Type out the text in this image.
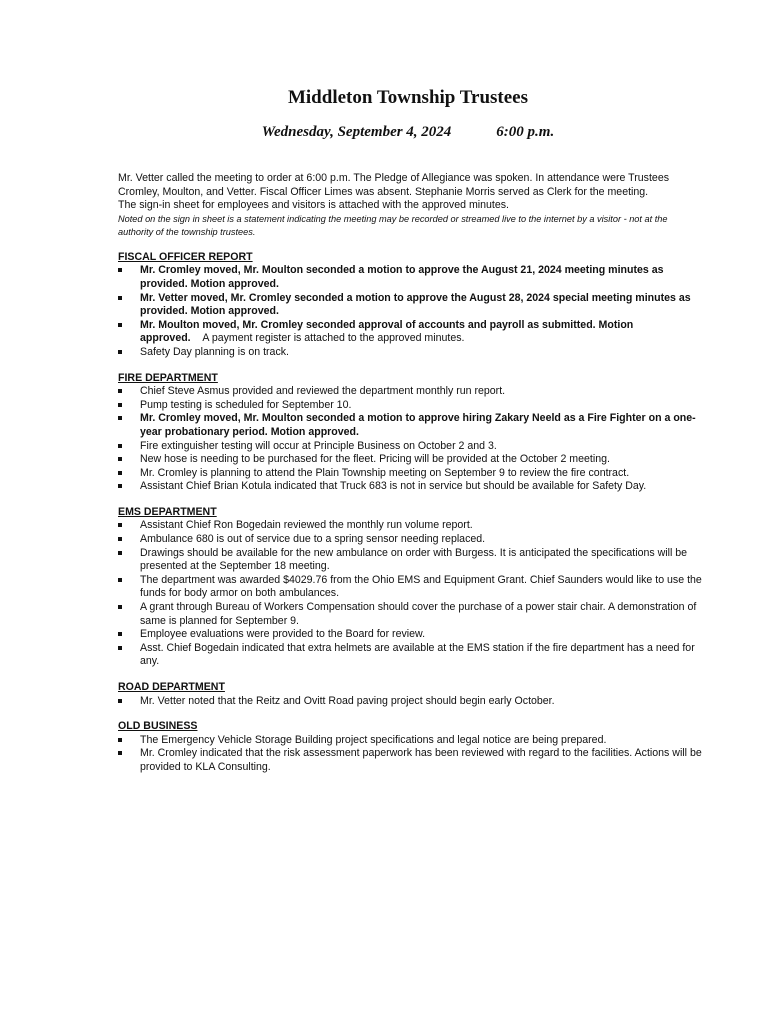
Middleton Township Trustees
Wednesday, September 4, 2024            6:00 p.m.

Mr. Vetter called the meeting to order at 6:00 p.m. The Pledge of Allegiance was spoken. In attendance were Trustees Cromley, Moulton, and Vetter. Fiscal Officer Limes was absent. Stephanie Morris served as Clerk for the meeting.

The sign-in sheet for employees and visitors is attached with the approved minutes.

Noted on the sign in sheet is a statement indicating the meeting may be recorded or streamed live to the internet by a visitor - not at the authority of the township trustees.

FISCAL OFFICER REPORT

Mr. Cromley moved, Mr. Moulton seconded a motion to approve the August 21, 2024 meeting minutes as provided. Motion approved.
Mr. Vetter moved, Mr. Cromley seconded a motion to approve the August 28, 2024 special meeting minutes as provided. Motion approved.
Mr. Moulton moved, Mr. Cromley seconded approval of accounts and payroll as submitted. Motion approved. A payment register is attached to the approved minutes.
Safety Day planning is on track.

FIRE DEPARTMENT

Chief Steve Asmus provided and reviewed the department monthly run report.
Pump testing is scheduled for September 10.
Mr. Cromley moved, Mr. Moulton seconded a motion to approve hiring Zakary Neeld as a Fire Fighter on a one-year probationary period. Motion approved.
Fire extinguisher testing will occur at Principle Business on October 2 and 3.
New hose is needing to be purchased for the fleet. Pricing will be provided at the October 2 meeting.
Mr. Cromley is planning to attend the Plain Township meeting on September 9 to review the fire contract.
Assistant Chief Brian Kotula indicated that Truck 683 is not in service but should be available for Safety Day.

EMS DEPARTMENT

Assistant Chief Ron Bogedain reviewed the monthly run volume report.
Ambulance 680 is out of service due to a spring sensor needing replaced.
Drawings should be available for the new ambulance on order with Burgess. It is anticipated the specifications will be presented at the September 18 meeting.
The department was awarded $4029.76 from the Ohio EMS and Equipment Grant. Chief Saunders would like to use the funds for body armor on both ambulances.
A grant through Bureau of Workers Compensation should cover the purchase of a power stair chair. A demonstration of same is planned for September 9.
Employee evaluations were provided to the Board for review.
Asst. Chief Bogedain indicated that extra helmets are available at the EMS station if the fire department has a need for any.

ROAD DEPARTMENT

Mr. Vetter noted that the Reitz and Ovitt Road paving project should begin early October.

OLD BUSINESS

The Emergency Vehicle Storage Building project specifications and legal notice are being prepared.
Mr. Cromley indicated that the risk assessment paperwork has been reviewed with regard to the facilities. Actions will be provided to KLA Consulting.
